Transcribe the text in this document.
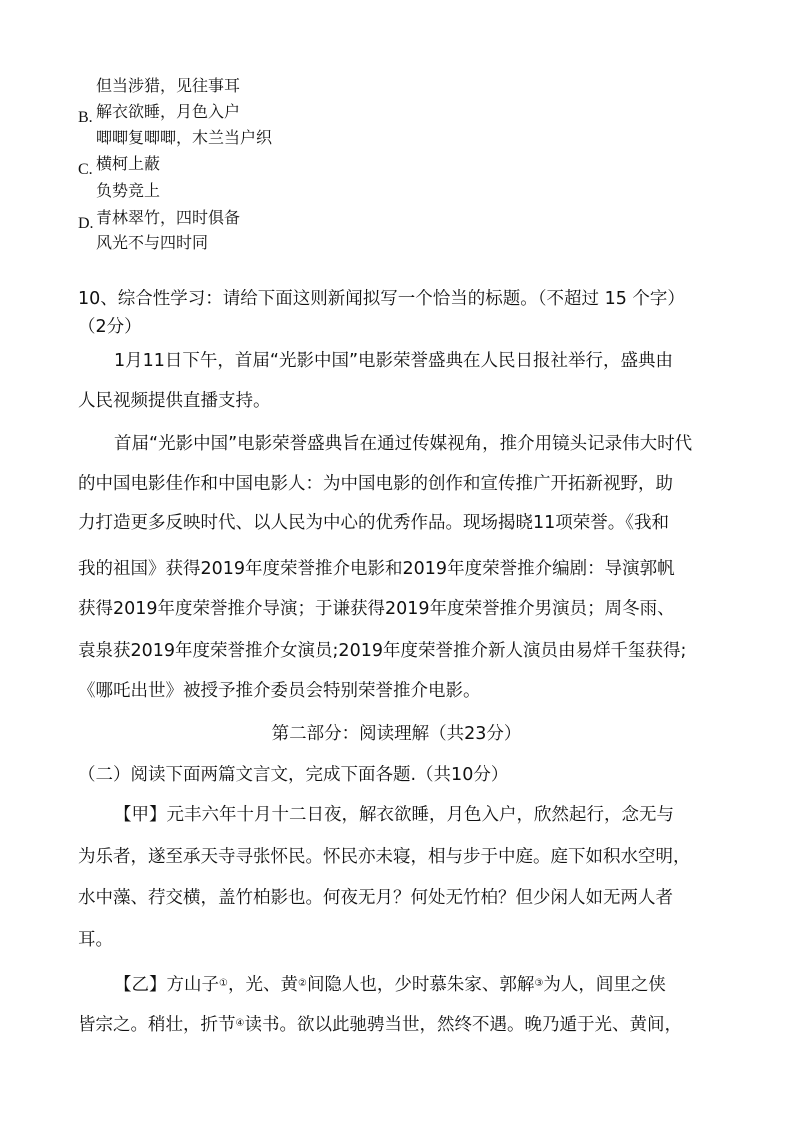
但当涉猎，见往事耳
B. 解衣欲睡，月色入户
唧唧复唧唧，木兰当户织
C. 横柯上蔽
负势竞上
D. 青林翠竹，四时俱备
风光不与四时同
10、综合性学习：请给下面这则新闻拟写一个恰当的标题。（不超过 15 个字）
（2分）
1月11日下午，首届“光影中国”电影荣誉盛典在人民日报社举行，盛典由
人民视频提供直播支持。
首届“光影中国”电影荣誉盛典旨在通过传媒视角，推介用镜头记录伟大时代
的中国电影佳作和中国电影人：为中国电影的创作和宣传推广开拓新视野，助
力打造更多反映时代、以人民为中心的优秀作品。现场揭晓11项荣誉。《我和
我的祖国》获得2019年度荣誉推介电影和2019年度荣誉推介编剧：导演郭帆
获得2019年度荣誉推介导演；于谦获得2019年度荣誉推介男演员；周冬雨、
袁泉获2019年度荣誉推介女演员;2019年度荣誉推介新人演员由易烊千玺获得;
《哪吒出世》被授予推介委员会特别荣誉推介电影。
第二部分：阅读理解（共23分）
（二）阅读下面两篇文言文，完成下面各题.（共10分）
【甲】元丰六年十月十二日夜，解衣欲睡，月色入户，欣然起行，念无与
为乐者，遂至承天寺寻张怀民。怀民亦未寝，相与步于中庭。庭下如积水空明，
水中藻、荇交横，盖竹柏影也。何夜无月？何处无竹柏？但少闲人如无两人者
耳。
【乙】方山子①，光、黄②间隐人也，少时慕朱家、郭解③为人，闾里之侠
皆宗之。稍壮，折节④读书。欲以此驰骋当世，然终不遇。晚乃遁于光、黄间，
